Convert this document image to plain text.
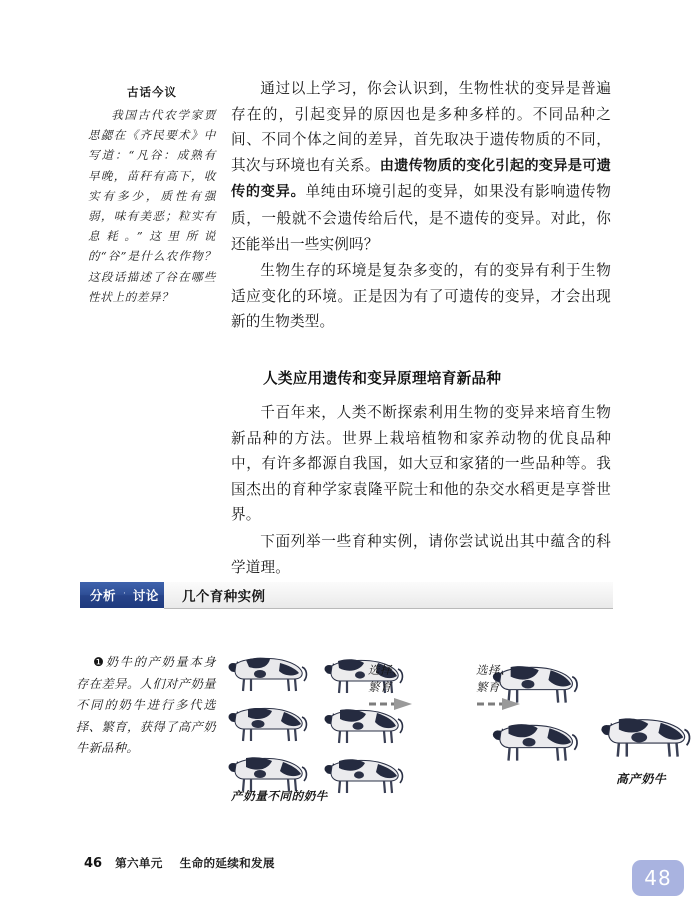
古话今议
我国古代农学家贾思勰在《齐民要术》中写道：“凡谷：成熟有早晚，苗秆有高下，收实有多少，质性有强弱，味有美恶；粒实有息耗。”这里所说的“谷”是什么农作物？这段话描述了谷在哪些性状上的差异？

通过以上学习，你会认识到，生物性状的变异是普遍存在的，引起变异的原因也是多种多样的。不同品种之间、不同个体之间的差异，首先取决于遗传物质的不同，其次与环境也有关系。由遗传物质的变化引起的变异是可遗传的变异。单纯由环境引起的变异，如果没有影响遗传物质，一般就不会遗传给后代，是不遗传的变异。对此，你还能举出一些实例吗？

生物生存的环境是复杂多变的，有的变异有利于生物适应变化的环境。正是因为有了可遗传的变异，才会出现新的生物类型。

人类应用遗传和变异原理培育新品种

千百年来，人类不断探索利用生物的变异来培育生物新品种的方法。世界上栽培植物和家养动物的优良品种中，有许多都源自我国，如大豆和家猪的一些品种等。我国杰出的育种学家袁隆平院士和他的杂交水稻更是享誉世界。

下面列举一些育种实例，请你尝试说出其中蕴含的科学道理。

分析 · 讨论 几个育种实例
❶奶牛的产奶量本身存在差异。人们对产奶量不同的奶牛进行多代选择、繁育，获得了高产奶牛新品种。
选择、
繁育
选择、
繁育
高产奶牛
产奶量不同的奶牛
46 第六单元 生命的延续和发展
48
